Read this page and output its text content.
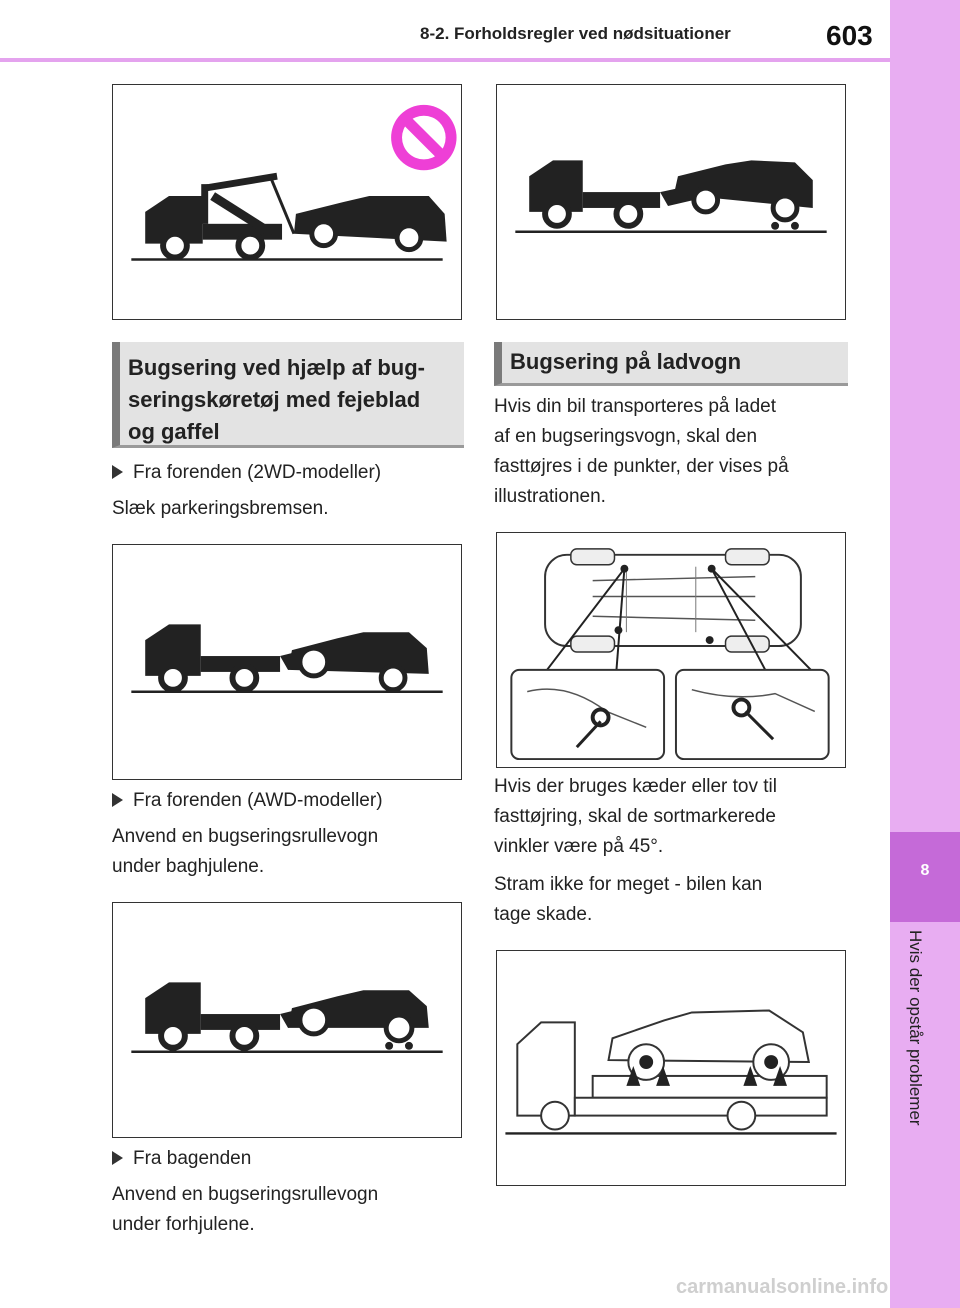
8-2. Forholdsregler ved nødsituationer	603
8
Hvis der opstår problemer
Bugsering ved hjælp af bug-
seringskøretøj med fejeblad
og gaffel
Fra forenden (2WD-modeller)
Slæk parkeringsbremsen.
Fra forenden (AWD-modeller)
Anvend en bugseringsrullevogn
under baghjulene.
Fra bagenden
Anvend en bugseringsrullevogn
under forhjulene.
Bugsering på ladvogn
Hvis din bil transporteres på ladet
af en bugseringsvogn, skal den
fasttøjres i de punkter, der vises på
illustrationen.
Hvis der bruges kæder eller tov til
fasttøjring, skal de sortmarkerede
vinkler være på 45°.
Stram ikke for meget - bilen kan
tage skade.
carmanualsonline.info
